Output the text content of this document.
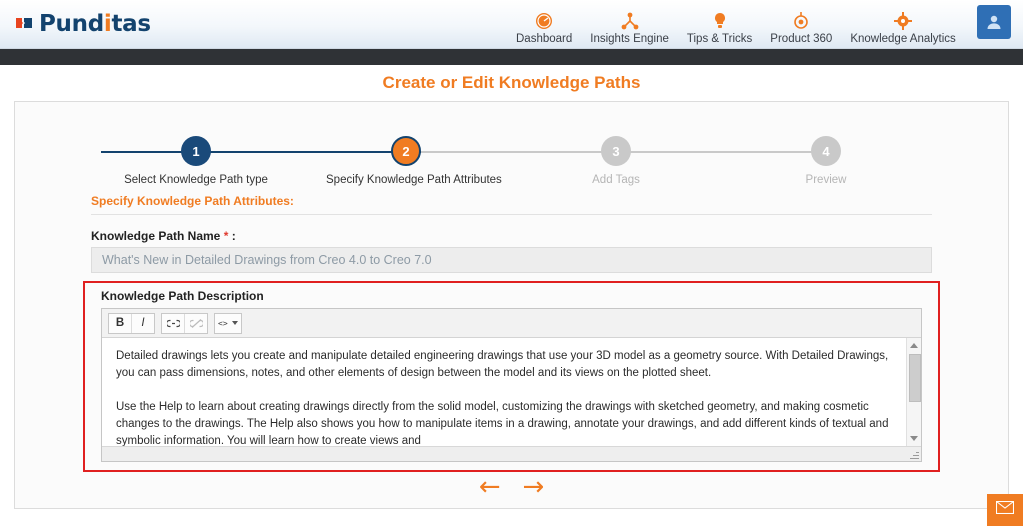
Punditas
Dashboard Insights Engine Tips & Tricks Product 360 Knowledge Analytics
Create or Edit Knowledge Paths
1
Select Knowledge Path type
2
Specify Knowledge Path Attributes
3
Add Tags
4
Preview
Specify Knowledge Path Attributes:
Knowledge Path Name * :
What's New in Detailed Drawings from Creo 4.0 to Creo 7.0
Knowledge Path Description
B I	<>

Detailed drawings lets you create and manipulate detailed engineering drawings that use your 3D model as a geometry source. With Detailed Drawings, you can pass dimensions, notes, and other elements of design between the model and its views on the plotted sheet.

Use the Help to learn about creating drawings directly from the solid model, customizing the drawings with sketched geometry, and making cosmetic changes to the drawings. The Help also shows you how to manipulate items in a drawing, annotate your drawings, and add different kinds of textual and symbolic information. You will learn how to create views and

← →
